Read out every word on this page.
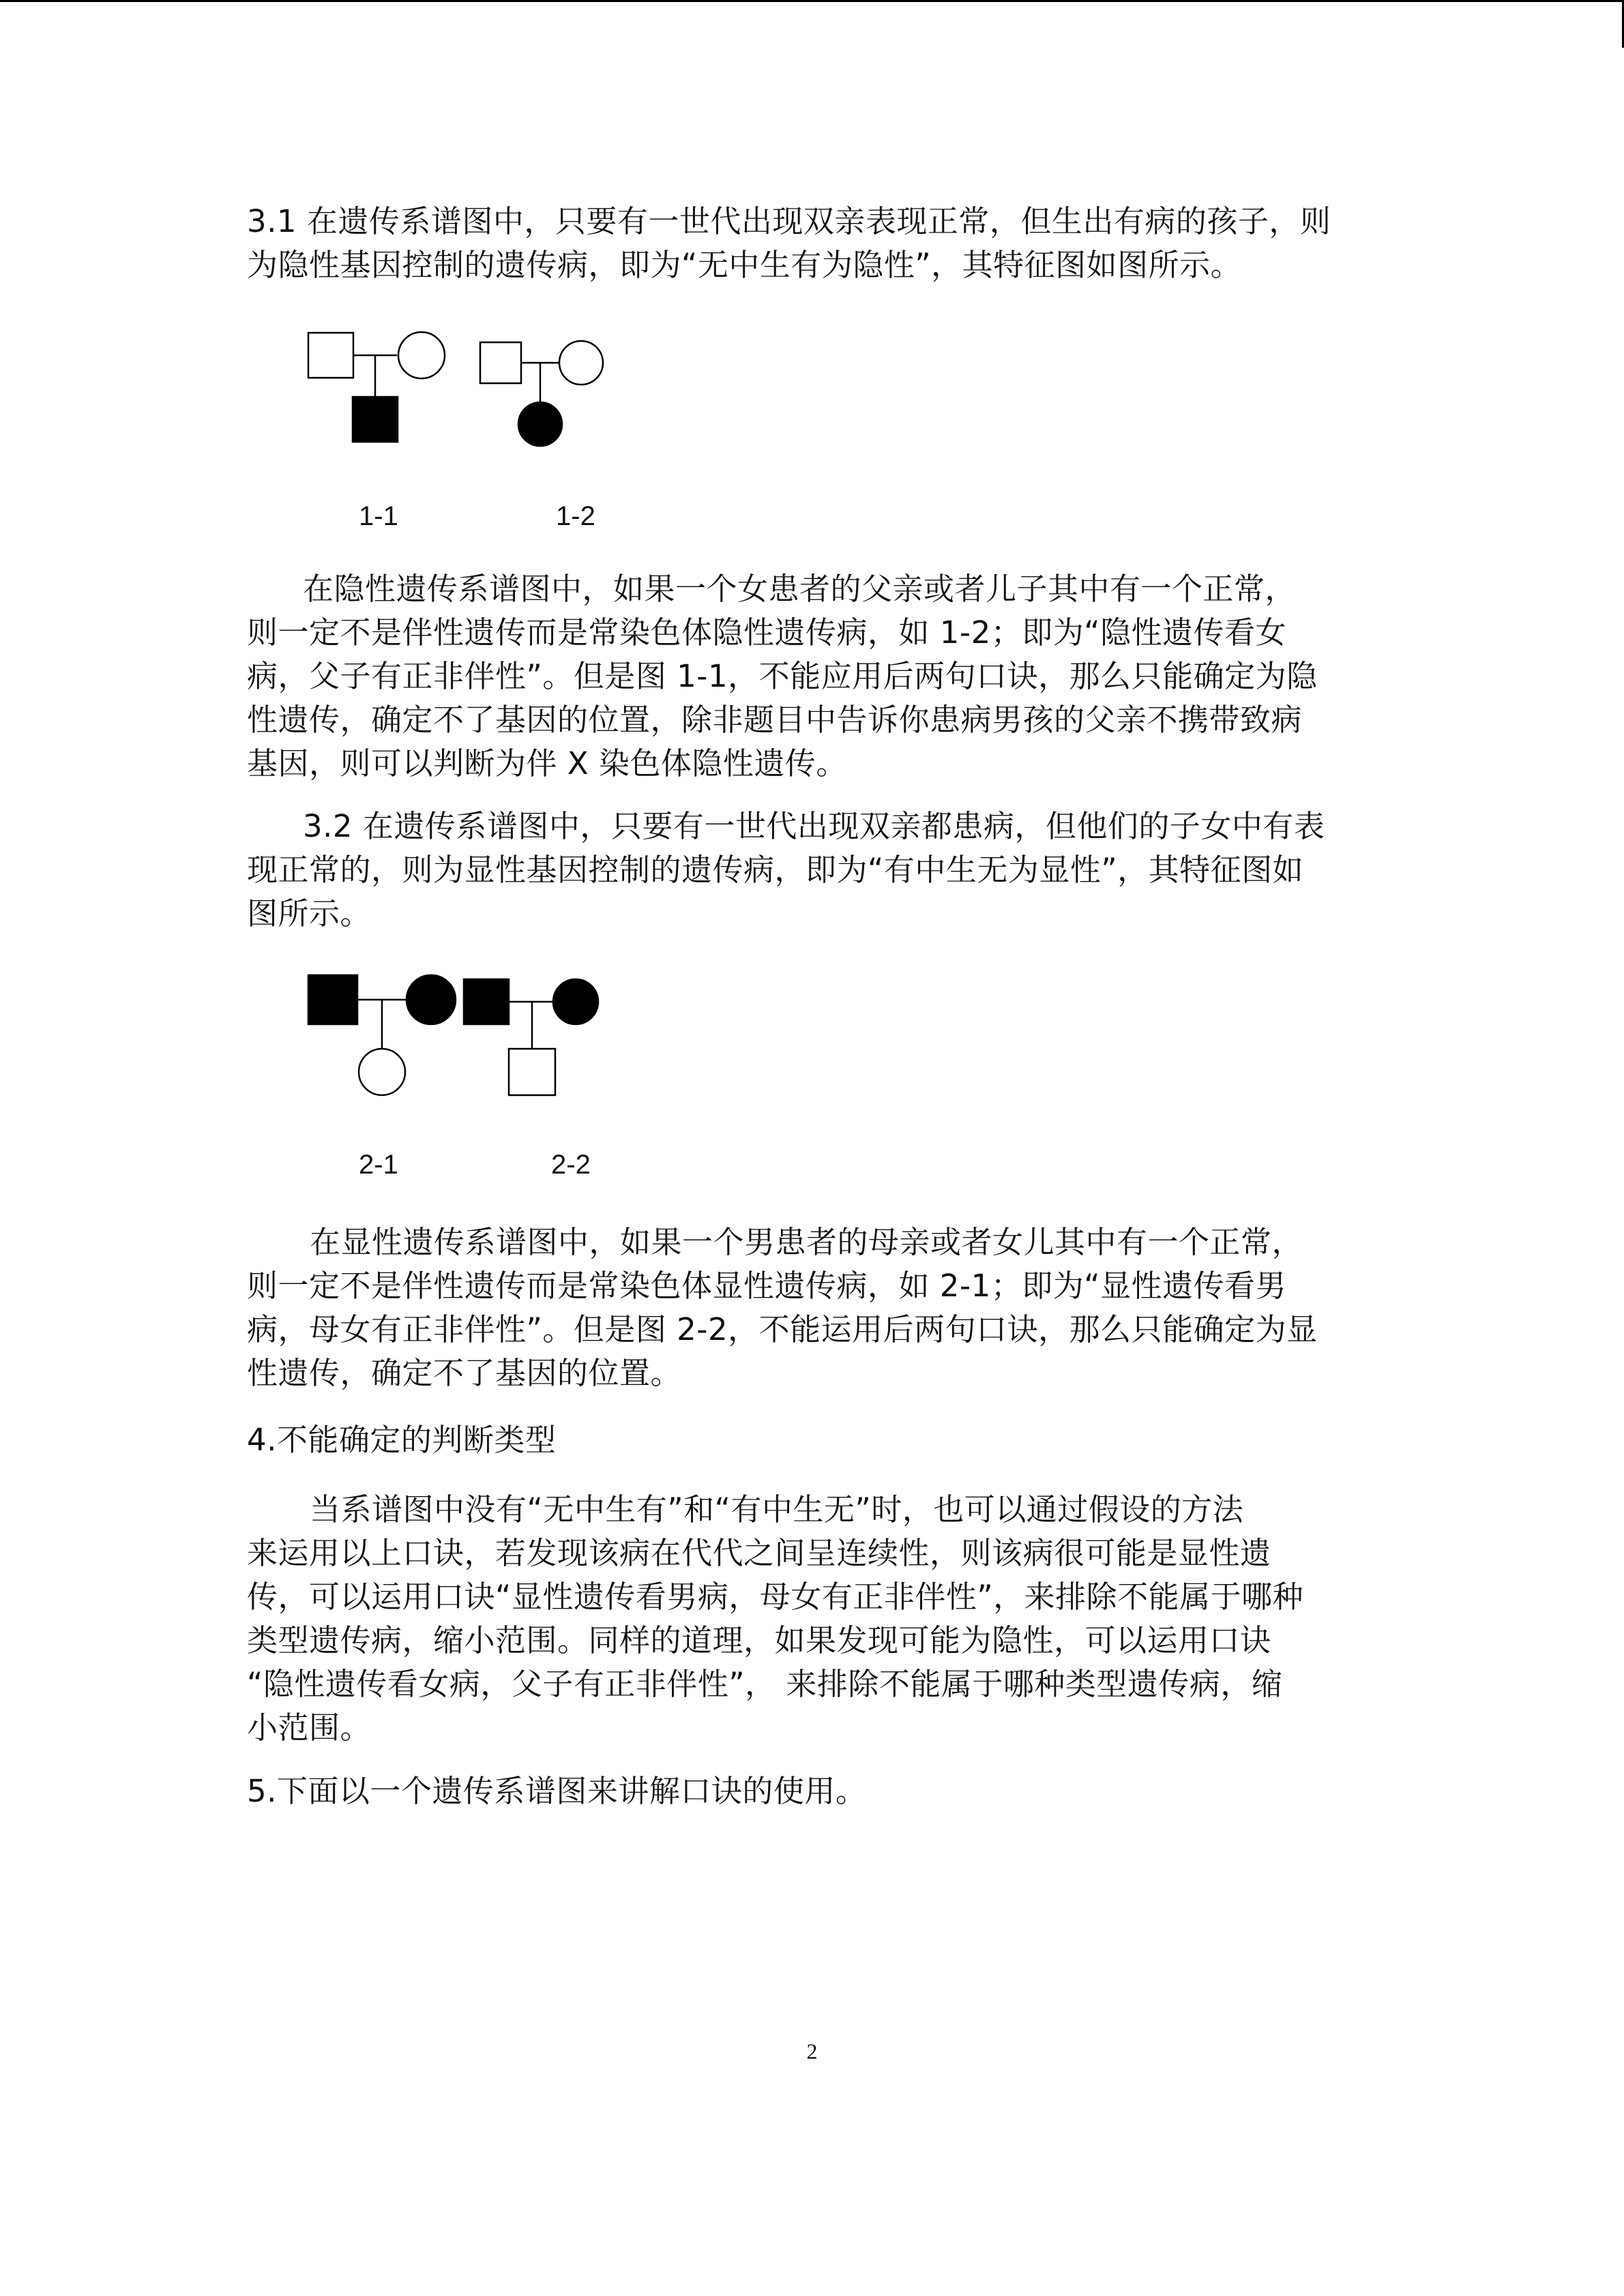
3.1 在遗传系谱图中，只要有一世代出现双亲表现正常，但生出有病的孩子，则
为隐性基因控制的遗传病，即为“无中生有为隐性”，其特征图如图所示。

1-1	1-2

在隐性遗传系谱图中，如果一个女患者的父亲或者儿子其中有一个正常，
则一定不是伴性遗传而是常染色体隐性遗传病，如 1-2；即为“隐性遗传看女
病，父子有正非伴性”。但是图 1-1，不能应用后两句口诀，那么只能确定为隐
性遗传，确定不了基因的位置，除非题目中告诉你患病男孩的父亲不携带致病
基因，则可以判断为伴 X 染色体隐性遗传。

3.2 在遗传系谱图中，只要有一世代出现双亲都患病，但他们的子女中有表
现正常的，则为显性基因控制的遗传病，即为“有中生无为显性”，其特征图如
图所示。

2-1	2-2

在显性遗传系谱图中，如果一个男患者的母亲或者女儿其中有一个正常，
则一定不是伴性遗传而是常染色体显性遗传病，如 2-1；即为“显性遗传看男
病，母女有正非伴性”。但是图 2-2，不能运用后两句口诀，那么只能确定为显
性遗传，确定不了基因的位置。

4.不能确定的判断类型

当系谱图中没有“无中生有”和“有中生无”时，也可以通过假设的方法
来运用以上口诀，若发现该病在代代之间呈连续性，则该病很可能是显性遗
传，可以运用口诀“显性遗传看男病，母女有正非伴性”，来排除不能属于哪种
类型遗传病，缩小范围。同样的道理，如果发现可能为隐性，可以运用口诀
“隐性遗传看女病，父子有正非伴性”， 来排除不能属于哪种类型遗传病，缩
小范围。

5.下面以一个遗传系谱图来讲解口诀的使用。

2
